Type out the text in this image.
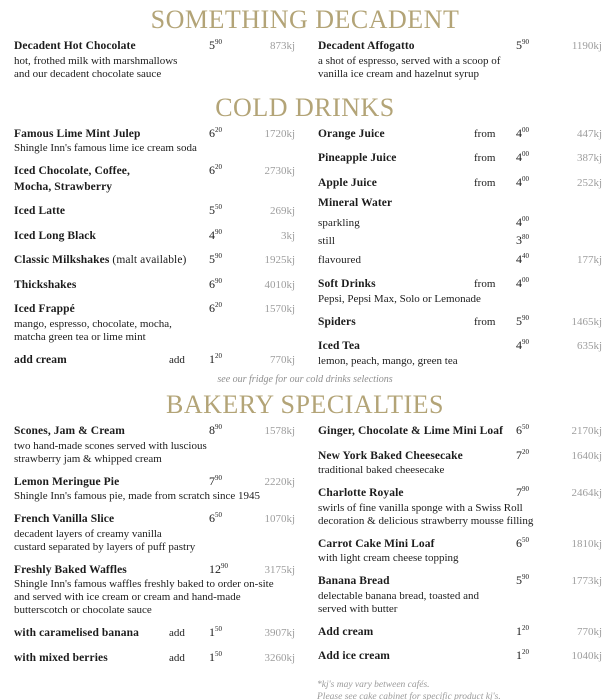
SOMETHING DECADENT
Decadent Hot Chocolate	$5^{90}$	873kj
hot, frothed milk with marshmallows
and our decadent chocolate sauce
Decadent Affogatto	$5^{90}$	1190kj
a shot of espresso, served with a scoop of
vanilla ice cream and hazelnut syrup
COLD DRINKS
Famous Lime Mint Julep	$6^{20}$	1720kj
Shingle Inn's famous lime ice cream soda
Iced Chocolate, Coffee,	$6^{20}$	2730kj
Mocha, Strawberry
Iced Latte	$5^{50}$	269kj
Iced Long Black	$4^{90}$	3kj
Classic Milkshakes (malt available)	$5^{90}$	1925kj
Thickshakes	$6^{90}$	4010kj
Iced Frappé	$6^{20}$	1570kj
mango, espresso, chocolate, mocha,
matcha green tea or lime mint
add cream	add	$1^{20}$	770kj
Orange Juice	from	$4^{00}$	447kj
Pineapple Juice	from	$4^{00}$	387kj
Apple Juice	from	$4^{00}$	252kj
Mineral Water
sparkling	$4^{00}$
still	$3^{80}$
flavoured	$4^{40}$	177kj
Soft Drinks	from	$4^{00}$
Pepsi, Pepsi Max, Solo or Lemonade
Spiders	from	$5^{90}$	1465kj
Iced Tea	$4^{90}$	635kj
lemon, peach, mango, green tea
see our fridge for our cold drinks selections
BAKERY SPECIALTIES
Scones, Jam & Cream	$8^{90}$	1578kj
two hand-made scones served with luscious
strawberry jam & whipped cream
Lemon Meringue Pie	$7^{90}$	2220kj
Shingle Inn's famous pie, made from scratch since 1945
French Vanilla Slice	$6^{50}$	1070kj
decadent layers of creamy vanilla
custard separated by layers of puff pastry
Freshly Baked Waffles	$12^{90}$	3175kj
Shingle Inn's famous waffles freshly baked to order on-site
and served with ice cream or cream and hand-made
butterscotch or chocolate sauce
with caramelised banana	add	$1^{50}$	3907kj
with mixed berries	add	$1^{50}$	3260kj
Ginger, Chocolate & Lime Mini Loaf	$6^{50}$	2170kj
New York Baked Cheesecake	$7^{20}$	1640kj
traditional baked cheesecake
Charlotte Royale	$7^{90}$	2464kj
swirls of fine vanilla sponge with a Swiss Roll
decoration & delicious strawberry mousse filling
Carrot Cake Mini Loaf	$6^{50}$	1810kj
with light cream cheese topping
Banana Bread	$5^{90}$	1773kj
delectable banana bread, toasted and
served with butter
Add cream	$1^{20}$	770kj
Add ice cream	$1^{20}$	1040kj
*kj's may vary between cafés.
Please see cake cabinet for specific product kj's.
